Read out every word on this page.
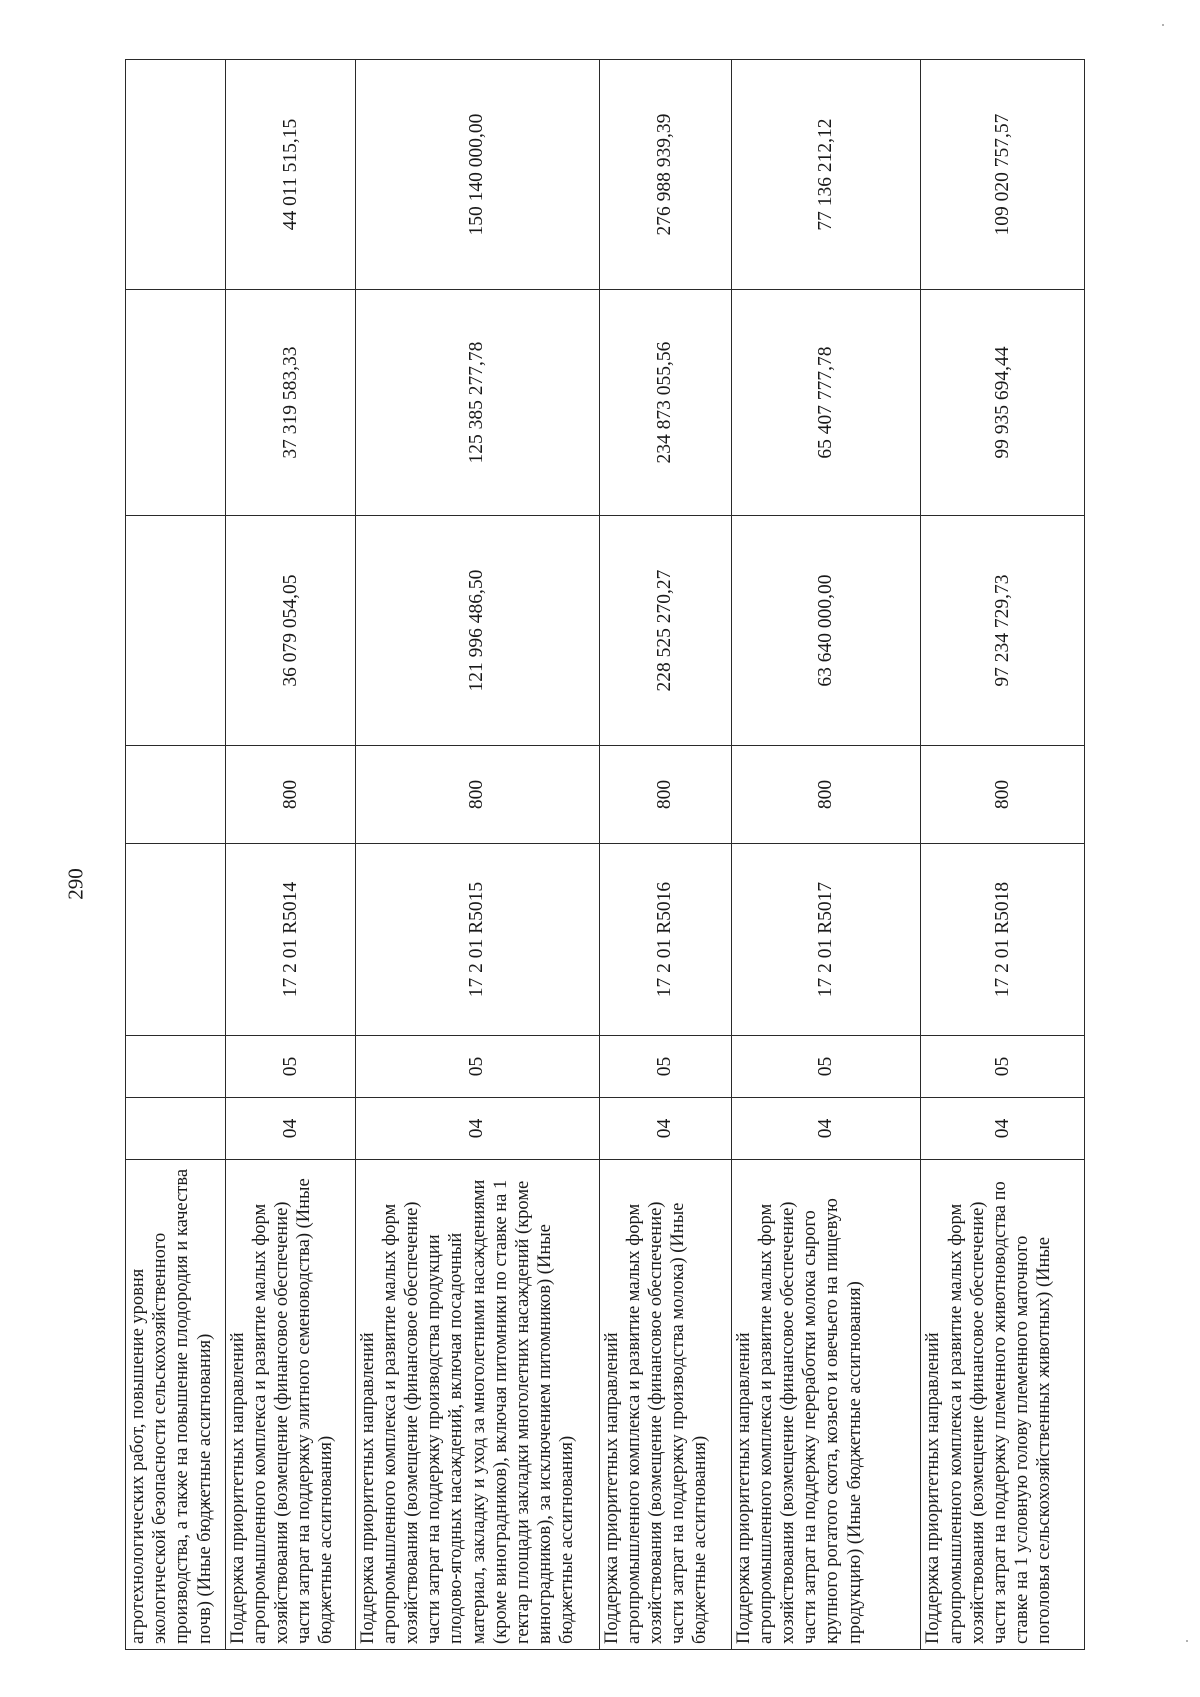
290
агротехнологических работ, повышение уровня экологической безопасности сельскохозяйственного производства, а также на повышение плодородия и качества почв) (Иные бюджетные ассигнования)							
Поддержка приоритетных направлений агропромышленного комплекса и развитие малых форм хозяйствования (возмещение (финансовое обеспечение) части затрат на поддержку элитного семеноводства) (Иные бюджетные ассигнования)	04	05	17 2 01 R5014	800	36 079 054,05	37 319 583,33	44 011 515,15
Поддержка приоритетных направлений агропромышленного комплекса и развитие малых форм хозяйствования (возмещение (финансовое обеспечение) части затрат на поддержку производства продукции плодово-ягодных насаждений, включая посадочный материал, закладку и уход за многолетними насаждениями (кроме виноградников), включая питомники по ставке на 1 гектар площади закладки многолетних насаждений (кроме виноградников), за исключением питомников) (Иные бюджетные ассигнования)	04	05	17 2 01 R5015	800	121 996 486,50	125 385 277,78	150 140 000,00
Поддержка приоритетных направлений агропромышленного комплекса и развитие малых форм хозяйствования (возмещение (финансовое обеспечение) части затрат на поддержку производства молока) (Иные бюджетные ассигнования)	04	05	17 2 01 R5016	800	228 525 270,27	234 873 055,56	276 988 939,39
Поддержка приоритетных направлений агропромышленного комплекса и развитие малых форм хозяйствования (возмещение (финансовое обеспечение) части затрат на поддержку переработки молока сырого крупного рогатого скота, козьего и овечьего на пищевую продукцию) (Иные бюджетные ассигнования)	04	05	17 2 01 R5017	800	63 640 000,00	65 407 777,78	77 136 212,12
Поддержка приоритетных направлений агропромышленного комплекса и развитие малых форм хозяйствования (возмещение (финансовое обеспечение) части затрат на поддержку племенного животноводства по ставке на 1 условную голову племенного маточного поголовья сельскохозяйственных животных) (Иные	04	05	17 2 01 R5018	800	97 234 729,73	99 935 694,44	109 020 757,57
